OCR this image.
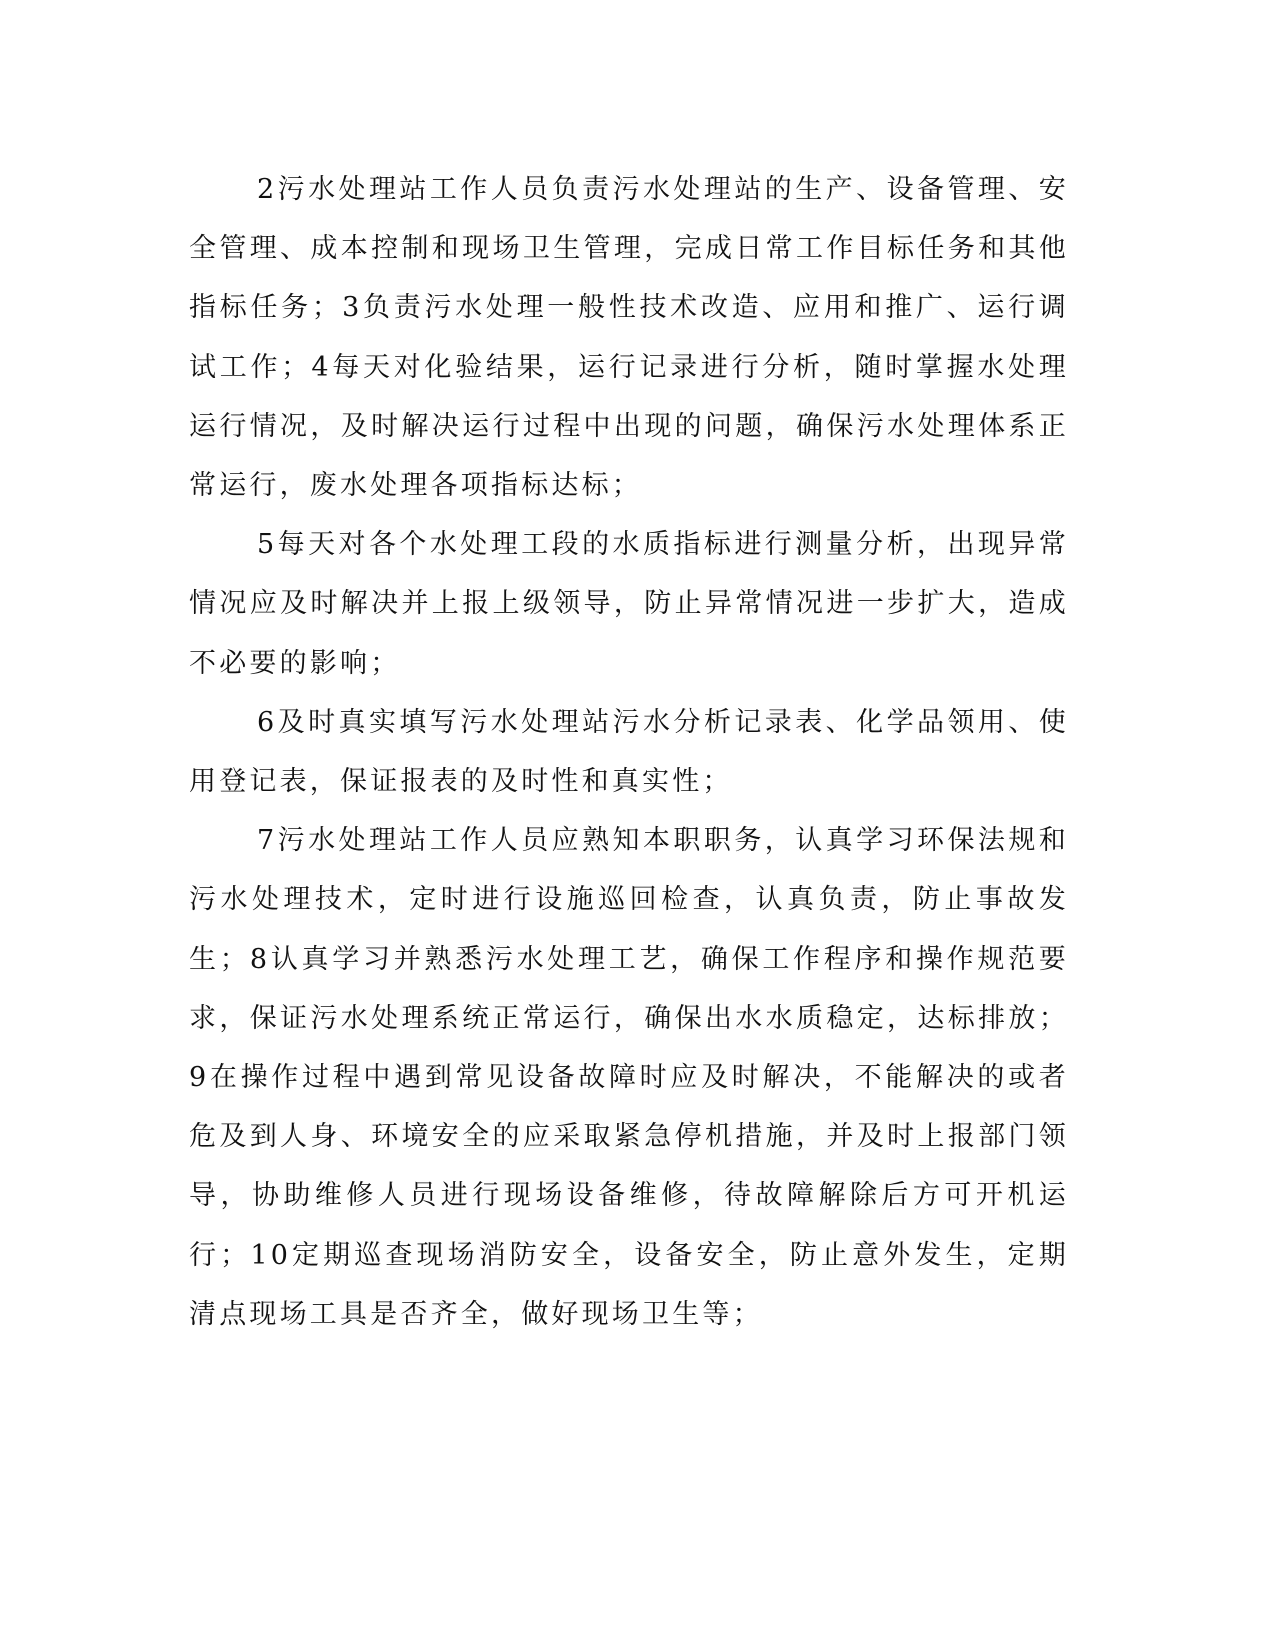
2污水处理站工作人员负责污水处理站的生产、设备管理、安全管理、成本控制和现场卫生管理，完成日常工作目标任务和其他指标任务；3负责污水处理一般性技术改造、应用和推广、运行调试工作；4每天对化验结果，运行记录进行分析，随时掌握水处理运行情况，及时解决运行过程中出现的问题，确保污水处理体系正常运行，废水处理各项指标达标；

5每天对各个水处理工段的水质指标进行测量分析，出现异常情况应及时解决并上报上级领导，防止异常情况进一步扩大，造成不必要的影响；

6及时真实填写污水处理站污水分析记录表、化学品领用、使用登记表，保证报表的及时性和真实性；

7污水处理站工作人员应熟知本职职务，认真学习环保法规和污水处理技术，定时进行设施巡回检查，认真负责，防止事故发生；8认真学习并熟悉污水处理工艺，确保工作程序和操作规范要求，保证污水处理系统正常运行，确保出水水质稳定，达标排放；9在操作过程中遇到常见设备故障时应及时解决，不能解决的或者危及到人身、环境安全的应采取紧急停机措施，并及时上报部门领导，协助维修人员进行现场设备维修，待故障解除后方可开机运行；10定期巡查现场消防安全，设备安全，防止意外发生，定期清点现场工具是否齐全，做好现场卫生等；
